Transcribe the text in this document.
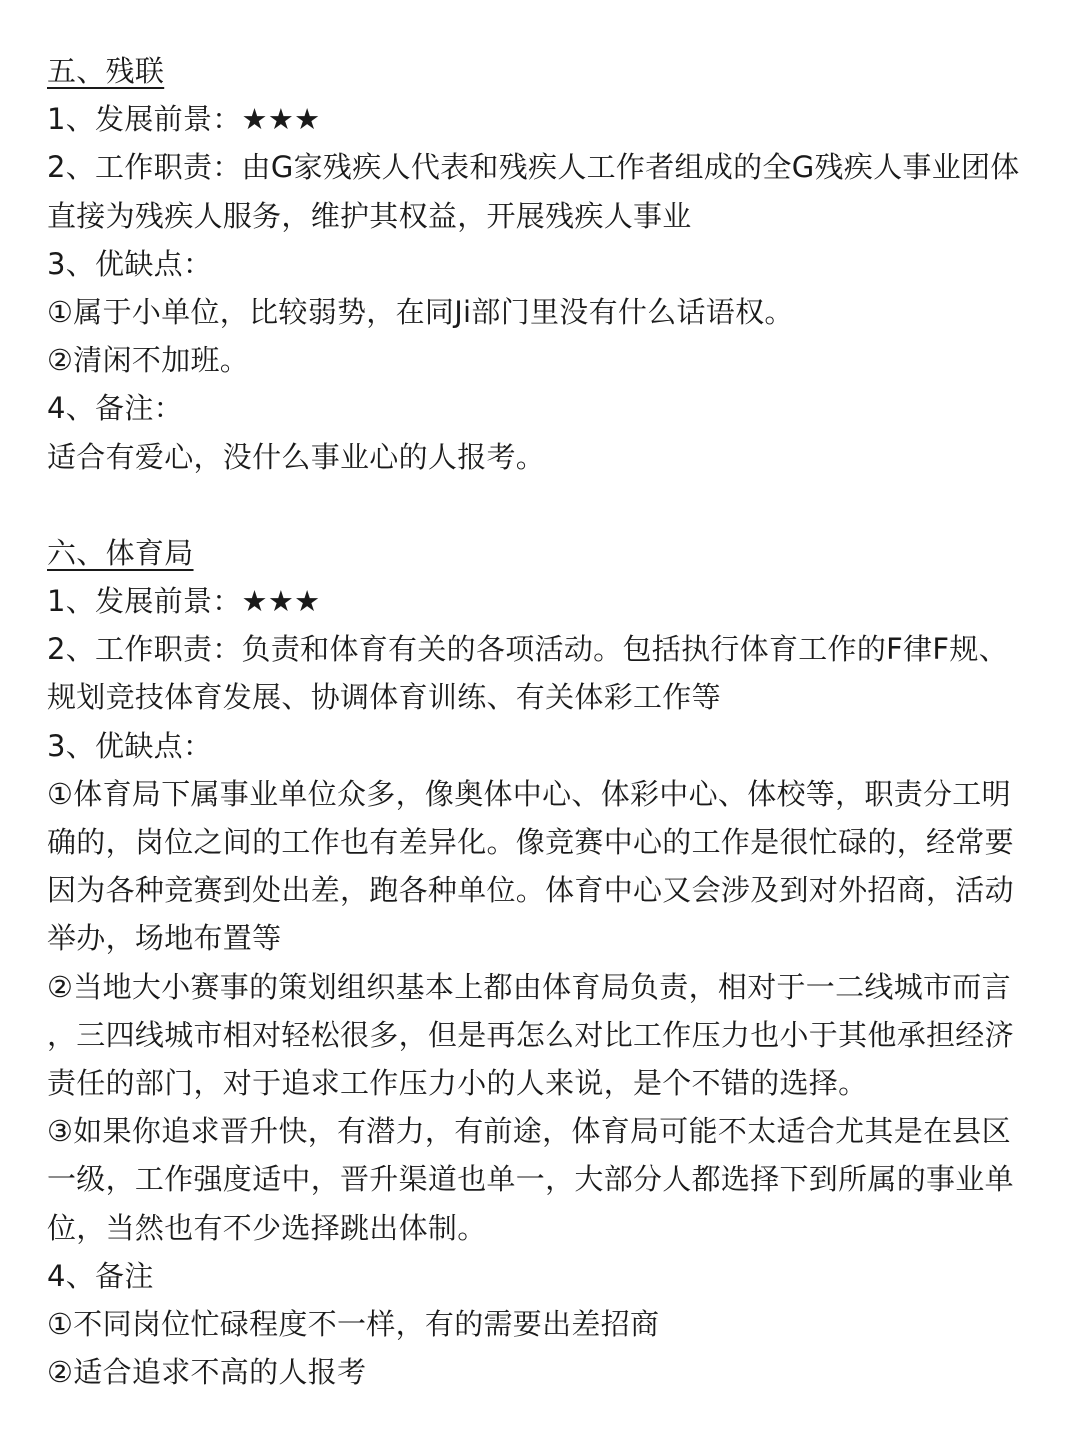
五、残联
1、发展前景：★★★
2、工作职责：由G家残疾人代表和残疾人工作者组成的全G残疾人事业团体
直接为残疾人服务，维护其权益，开展残疾人事业
3、优缺点：
①属于小单位，比较弱势，在同Ji部门里没有什么话语权。
②清闲不加班。
4、备注：
适合有爱心，没什么事业心的人报考。
六、体育局
1、发展前景：★★★
2、工作职责：负责和体育有关的各项活动。包括执行体育工作的F律F规、
规划竞技体育发展、协调体育训练、有关体彩工作等
3、优缺点：
①体育局下属事业单位众多，像奥体中心、体彩中心、体校等，职责分工明
确的，岗位之间的工作也有差异化。像竞赛中心的工作是很忙碌的，经常要
因为各种竞赛到处出差，跑各种单位。体育中心又会涉及到对外招商，活动
举办，场地布置等
②当地大小赛事的策划组织基本上都由体育局负责，相对于一二线城市而言
，三四线城市相对轻松很多，但是再怎么对比工作压力也小于其他承担经济
责任的部门，对于追求工作压力小的人来说，是个不错的选择。
③如果你追求晋升快，有潜力，有前途，体育局可能不太适合尤其是在县区
一级，工作强度适中，晋升渠道也单一，大部分人都选择下到所属的事业单
位，当然也有不少选择跳出体制。
4、备注
①不同岗位忙碌程度不一样，有的需要出差招商
②适合追求不高的人报考
